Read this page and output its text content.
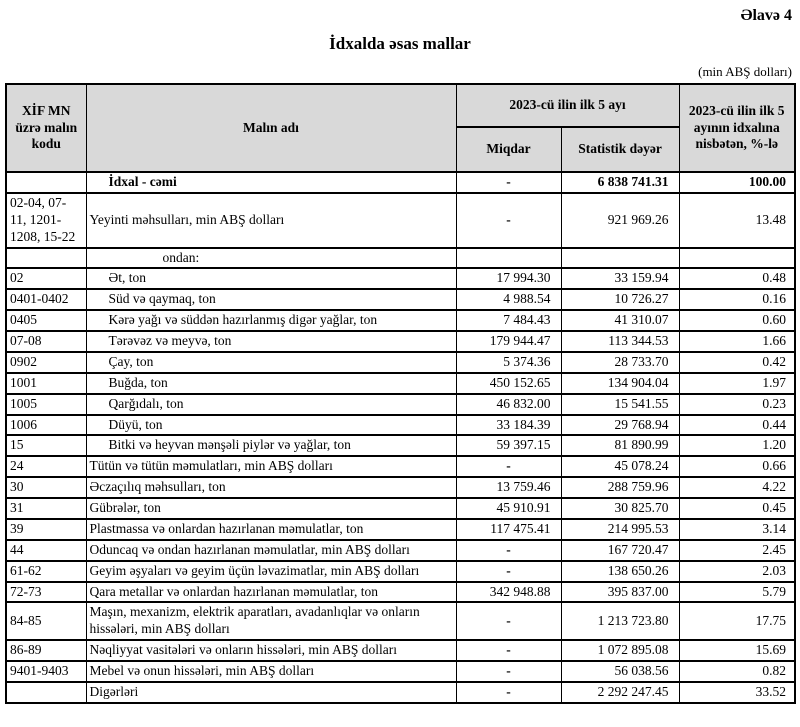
Əlavə 4
İdxalda əsas mallar
(min ABŞ dolları)
XİF MN üzrə malın kodu	Malın adı	2023-cü ilin ilk 5 ayı		2023-cü ilin ilk 5 ayının idxalına nisbətən, %-lə
		Miqdar	Statistik dəyər	
	İdxal - cəmi	-	6 838 741.31	100.00
02-04, 07-11, 1201-1208, 15-22	Yeyinti məhsulları, min ABŞ dolları	-	921 969.26	13.48
	ondan:			
02	Ət, ton	17 994.30	33 159.94	0.48
0401-0402	Süd və qaymaq, ton	4 988.54	10 726.27	0.16
0405	Kərə yağı və süddən hazırlanmış digər yağlar, ton	7 484.43	41 310.07	0.60
07-08	Tərəvəz və meyvə, ton	179 944.47	113 344.53	1.66
0902	Çay, ton	5 374.36	28 733.70	0.42
1001	Buğda, ton	450 152.65	134 904.04	1.97
1005	Qarğıdalı, ton	46 832.00	15 541.55	0.23
1006	Düyü, ton	33 184.39	29 768.94	0.44
15	Bitki və heyvan mənşəli piylər və yağlar, ton	59 397.15	81 890.99	1.20
24	Tütün və tütün məmulatları, min ABŞ dolları	-	45 078.24	0.66
30	Əczaçılıq məhsulları, ton	13 759.46	288 759.96	4.22
31	Gübrələr, ton	45 910.91	30 825.70	0.45
39	Plastmassa və onlardan hazırlanan məmulatlar, ton	117 475.41	214 995.53	3.14
44	Oduncaq və ondan hazırlanan məmulatlar, min ABŞ dolları	-	167 720.47	2.45
61-62	Geyim əşyaları və geyim üçün ləvazimatlar, min ABŞ dolları	-	138 650.26	2.03
72-73	Qara metallar və onlardan hazırlanan məmulatlar, ton	342 948.88	395 837.00	5.79
84-85	Maşın, mexanizm, elektrik aparatları, avadanlıqlar və onların hissələri, min ABŞ dolları	-	1 213 723.80	17.75
86-89	Nəqliyyat vasitələri və onların hissələri, min ABŞ dolları	-	1 072 895.08	15.69
9401-9403	Mebel və onun hissələri, min ABŞ dolları	-	56 038.56	0.82
	Digərləri	-	2 292 247.45	33.52
